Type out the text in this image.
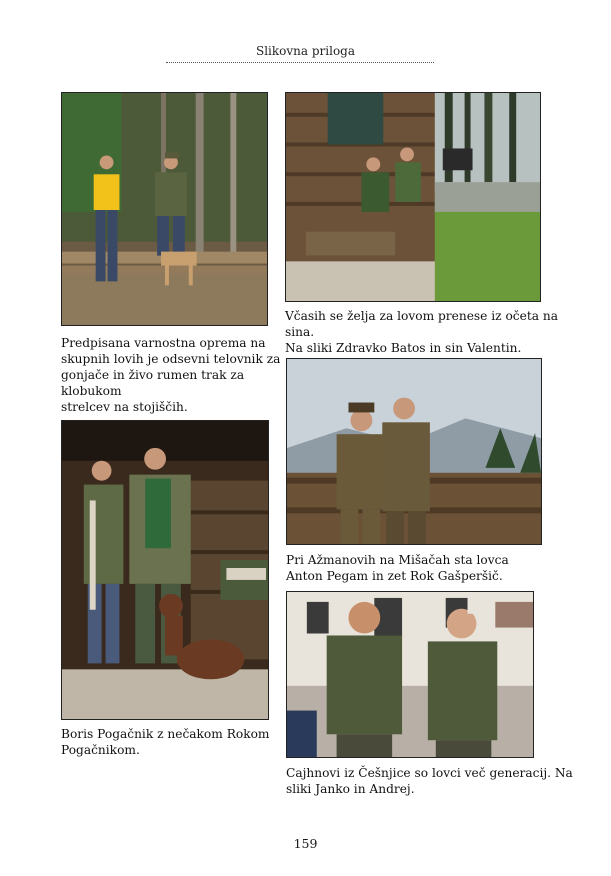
Slikovna priloga
Predpisana varnostna oprema na
skupnih lovih je odsevni telovnik za
gonjače in živo rumen trak za klobukom
strelcev na stojiščih.
Včasih se želja za lovom prenese iz očeta na sina.
Na sliki Zdravko Batos in sin Valentin.
Pri Ažmanovih na Mišačah sta lovca
Anton Pegam in zet Rok Gašperšič.
Boris Pogačnik z nečakom Rokom
Pogačnikom.
Cajhnovi iz Češnjice so lovci več generacij. Na
sliki Janko in Andrej.
159
